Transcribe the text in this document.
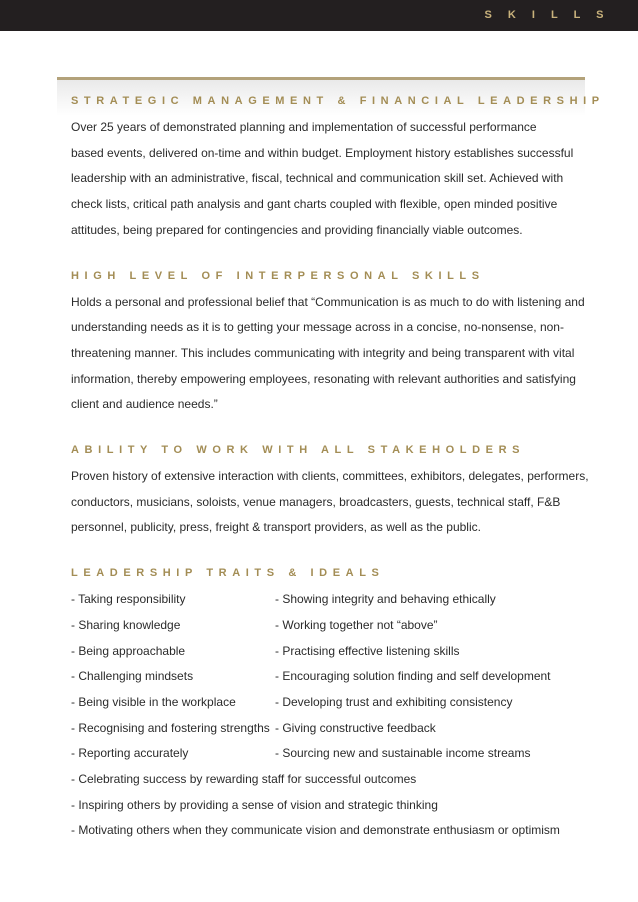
S K I L L S
STRATEGIC MANAGEMENT & FINANCIAL LEADERSHIP

Over 25 years of demonstrated planning and implementation of successful performance
based events, delivered on-time and within budget. Employment history establishes successful
leadership with an administrative, fiscal, technical and communication skill set. Achieved with
check lists, critical path analysis and gant charts coupled with flexible, open minded positive
attitudes, being prepared for contingencies and providing financially viable outcomes.

HIGH LEVEL OF INTERPERSONAL SKILLS

Holds a personal and professional belief that “Communication is as much to do with listening and
understanding needs as it is to getting your message across in a concise, no-nonsense, non-
threatening manner. This includes communicating with integrity and being transparent with vital
information, thereby empowering employees, resonating with relevant authorities and satisfying
client and audience needs.”

ABILITY TO WORK WITH ALL STAKEHOLDERS

Proven history of extensive interaction with clients, committees, exhibitors, delegates, performers,
conductors, musicians, soloists, venue managers, broadcasters, guests, technical staff, F&B
personnel, publicity, press, freight & transport providers, as well as the public.

LEADERSHIP TRAITS & IDEALS
- Taking responsibility	- Showing integrity and behaving ethically
- Sharing knowledge	- Working together not “above”
- Being approachable	- Practising effective listening skills
- Challenging mindsets	- Encouraging solution finding and self development
- Being visible in the workplace	- Developing trust and exhibiting consistency
- Recognising and fostering strengths - Giving constructive feedback
- Reporting accurately	- Sourcing new and sustainable income streams
- Celebrating success by rewarding staff for successful outcomes
- Inspiring others by providing a sense of vision and strategic thinking
- Motivating others when they communicate vision and demonstrate enthusiasm or optimism
